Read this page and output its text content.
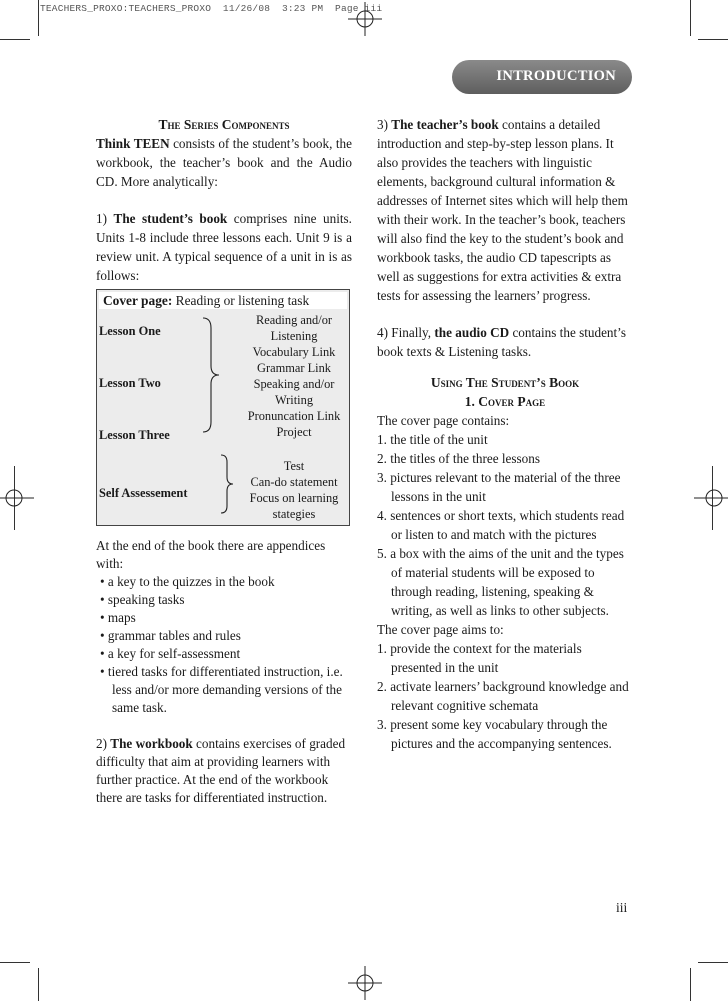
TEACHERS_PROXO:TEACHERS_PROXO  11/26/08  3:23 PM  Page iii
INTRODUCTION

The Series Components

Think TEEN consists of the student’s book, the workbook, the teacher’s book and the Audio CD. More analytically:

1) The student’s book comprises nine units. Units 1-8 include three lessons each. Unit 9 is a review unit. A typical sequence of a unit in is as follows:

Cover page: Reading or listening task
Lesson One
Lesson Two
Lesson Three
Self Assessement
Reading and/or
Listening
Vocabulary Link
Grammar Link
Speaking and/or
Writing
Pronuncation Link
Project
Test
Can-do statement
Focus on learning
stategies

At the end of the book there are appendices with:

• a key to the quizzes in the book
• speaking tasks
• maps
• grammar tables and rules
• a key for self-assessment
• tiered tasks for differentiated instruction, i.e. less and/or more demanding versions of the same task.

2) The workbook contains exercises of graded difficulty that aim at providing learners with further practice. At the end of the workbook there are tasks for differentiated instruction.

3) The teacher’s book contains a detailed introduction and step-by-step lesson plans. It also provides the teachers with linguistic elements, background cultural information & addresses of Internet sites which will help them with their work. In the teacher’s book, teachers will also find the key to the student’s book and workbook tasks, the audio CD tapescripts as well as suggestions for extra activities & extra tests for assessing the learners’ progress.

4) Finally, the audio CD contains the student’s book texts & Listening tasks.

Using The Student’s Book

1. Cover Page

The cover page contains:

1. the title of the unit
2. the titles of the three lessons
3. pictures relevant to the material of the three lessons in the unit
4. sentences or short texts, which students read or listen to and match with the pictures
5. a box with the aims of the unit and the types of material students will be exposed to through reading, listening, speaking & writing, as well as links to other subjects.

The cover page aims to:

1. provide the context for the materials presented in the unit
2. activate learners’ background knowledge and relevant cognitive schemata
3. present some key vocabulary through the pictures and the accompanying sentences.
iii
